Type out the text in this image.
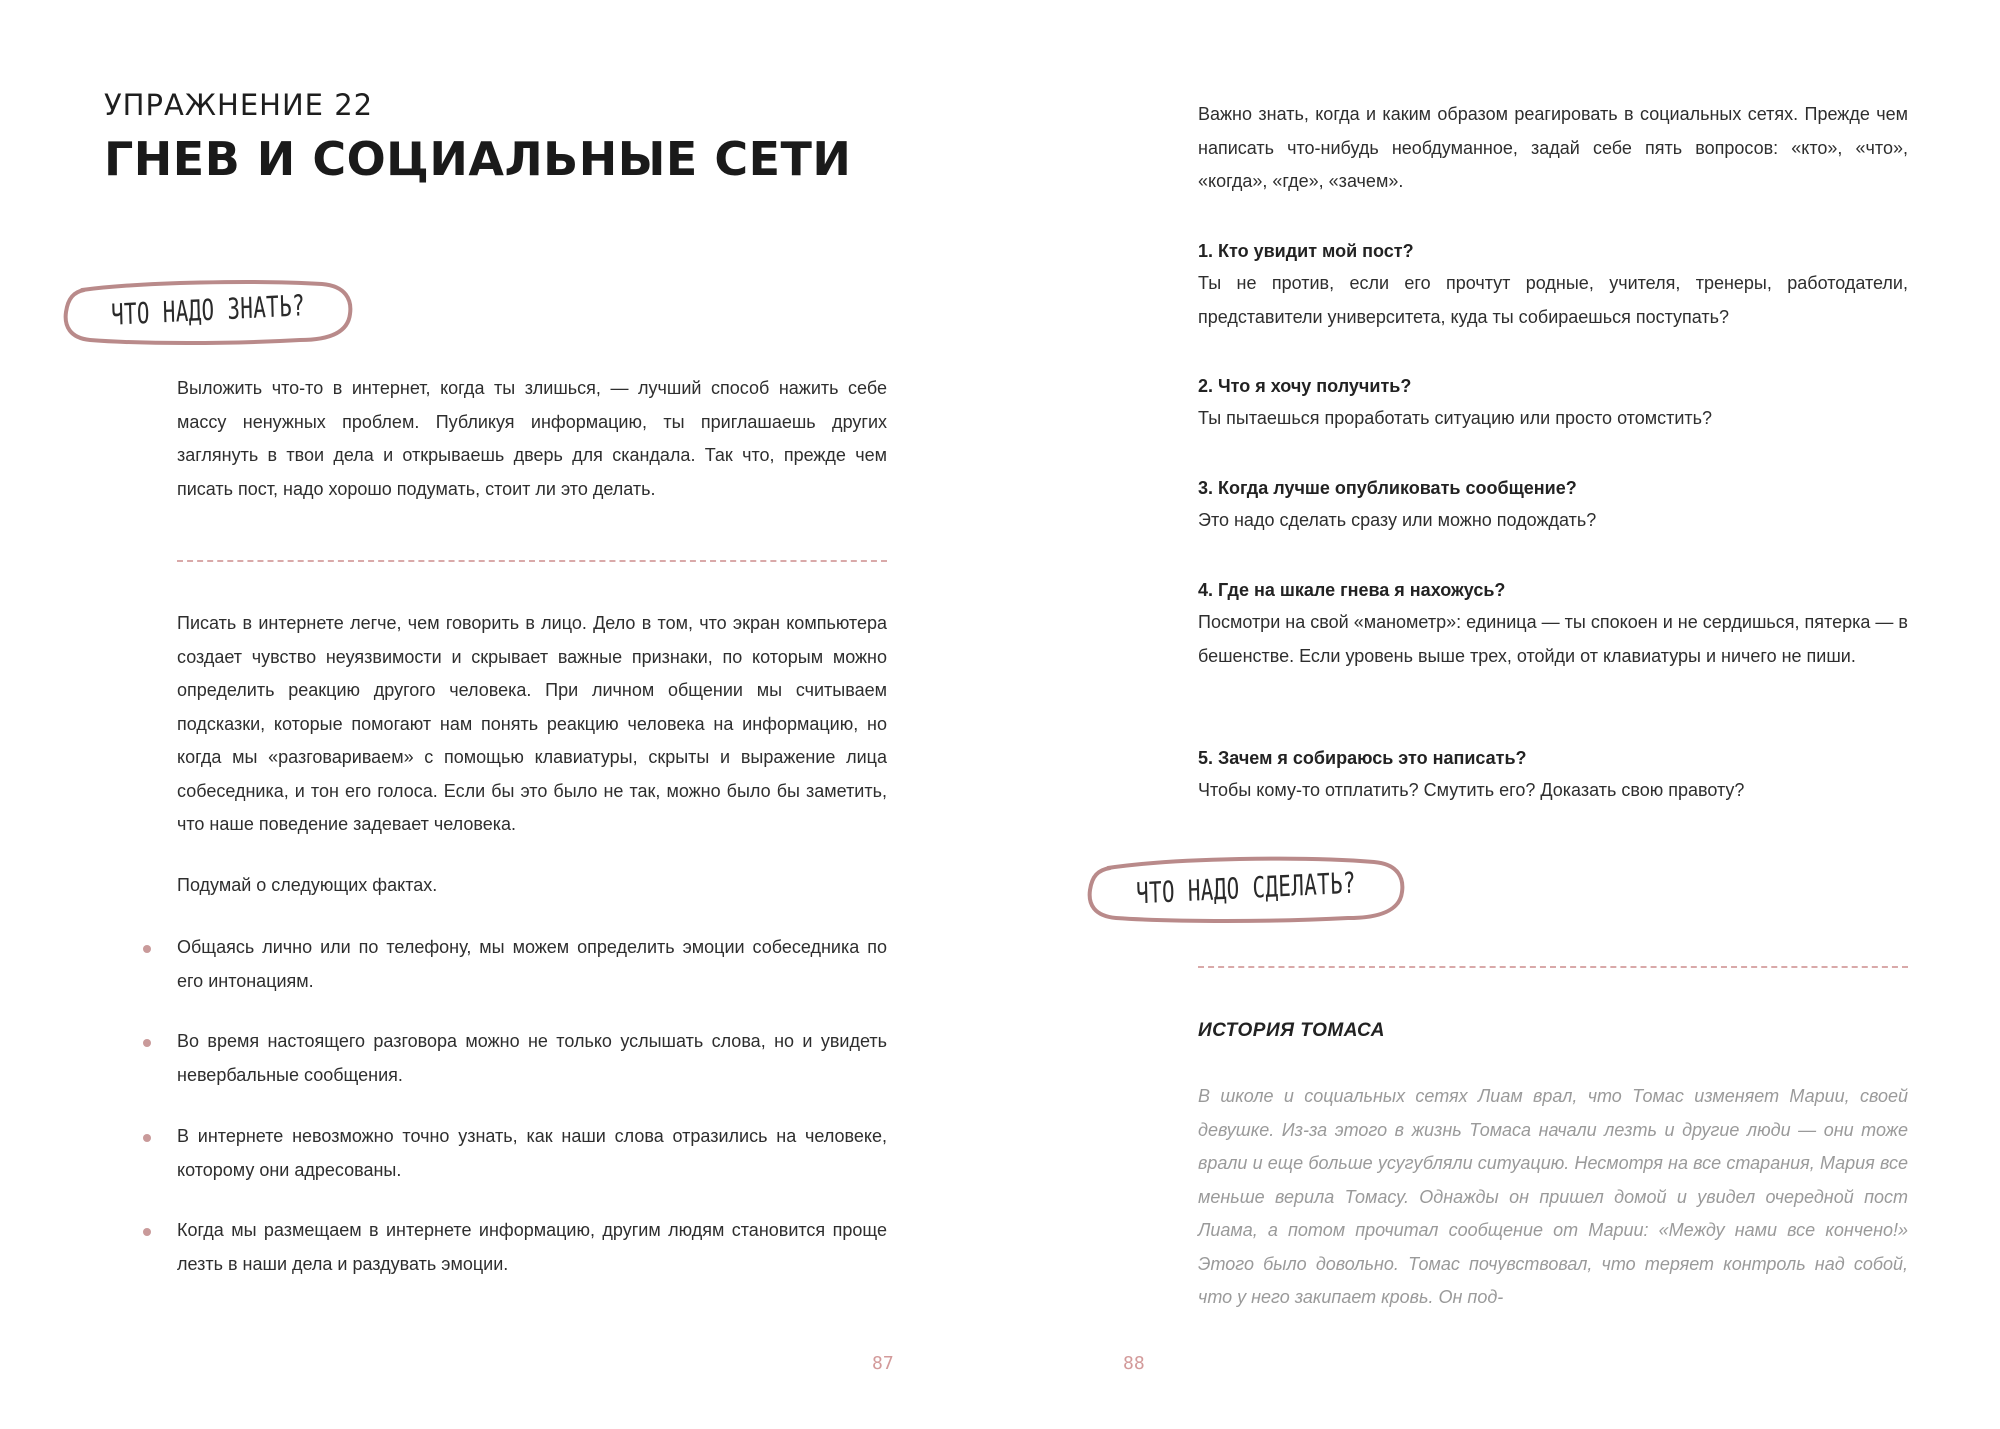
УПРАЖНЕНИЕ 22
ГНЕВ И СОЦИАЛЬНЫЕ СЕТИ
ЧТО НАДО ЗНАТЬ?

Выложить что-то в интернет, когда ты злишься, — лучший способ нажить себе массу ненужных проблем. Публикуя информацию, ты приглашаешь других заглянуть в твои дела и открываешь дверь для скандала. Так что, прежде чем писать пост, надо хорошо подумать, стоит ли это делать.

Писать в интернете легче, чем говорить в лицо. Дело в том, что экран компьютера создает чувство неуязвимости и скрывает важные признаки, по которым можно определить реакцию другого человека. При личном общении мы считываем подсказки, которые помогают нам понять реакцию человека на информацию, но когда мы «разговариваем» с помощью клавиатуры, скрыты и выражение лица собеседника, и тон его голоса. Если бы это было не так, можно было бы заметить, что наше поведение задевает человека.

Подумай о следующих фактах.

Общаясь лично или по телефону, мы можем определить эмоции собеседника по его интонациям.

Во время настоящего разговора можно не только услышать слова, но и увидеть невербальные сообщения.

В интернете невозможно точно узнать, как наши слова отразились на человеке, которому они адресованы.

Когда мы размещаем в интернете информацию, другим людям становится проще лезть в наши дела и раздувать эмоции.

87

Важно знать, когда и каким образом реагировать в социальных сетях. Прежде чем написать что-нибудь необдуманное, задай себе пять вопросов: «кто», «что», «когда», «где», «зачем».

1. Кто увидит мой пост?

Ты не против, если его прочтут родные, учителя, тренеры, работодатели, представители университета, куда ты собираешься поступать?

2. Что я хочу получить?

Ты пытаешься проработать ситуацию или просто отомстить?

3. Когда лучше опубликовать сообщение?

Это надо сделать сразу или можно подождать?

4. Где на шкале гнева я нахожусь?

Посмотри на свой «манометр»: единица — ты спокоен и не сердишься, пятерка — в бешенстве. Если уровень выше трех, отойди от клавиатуры и ничего не пиши.

5. Зачем я собираюсь это написать?

Чтобы кому-то отплатить? Смутить его? Доказать свою правоту?

ЧТО НАДО СДЕЛАТЬ?
ИСТОРИЯ ТОМАСА

В школе и социальных сетях Лиам врал, что Томас изменяет Марии, своей девушке. Из-за этого в жизнь Томаса начали лезть и другие люди — они тоже врали и еще больше усугубляли ситуацию. Несмотря на все старания, Мария все меньше верила Томасу. Однажды он пришел домой и увидел очередной пост Лиама, а потом прочитал сообщение от Марии: «Между нами все кончено!» Этого было довольно. Томас почувствовал, что теряет контроль над собой, что у него закипает кровь. Он под-

88
